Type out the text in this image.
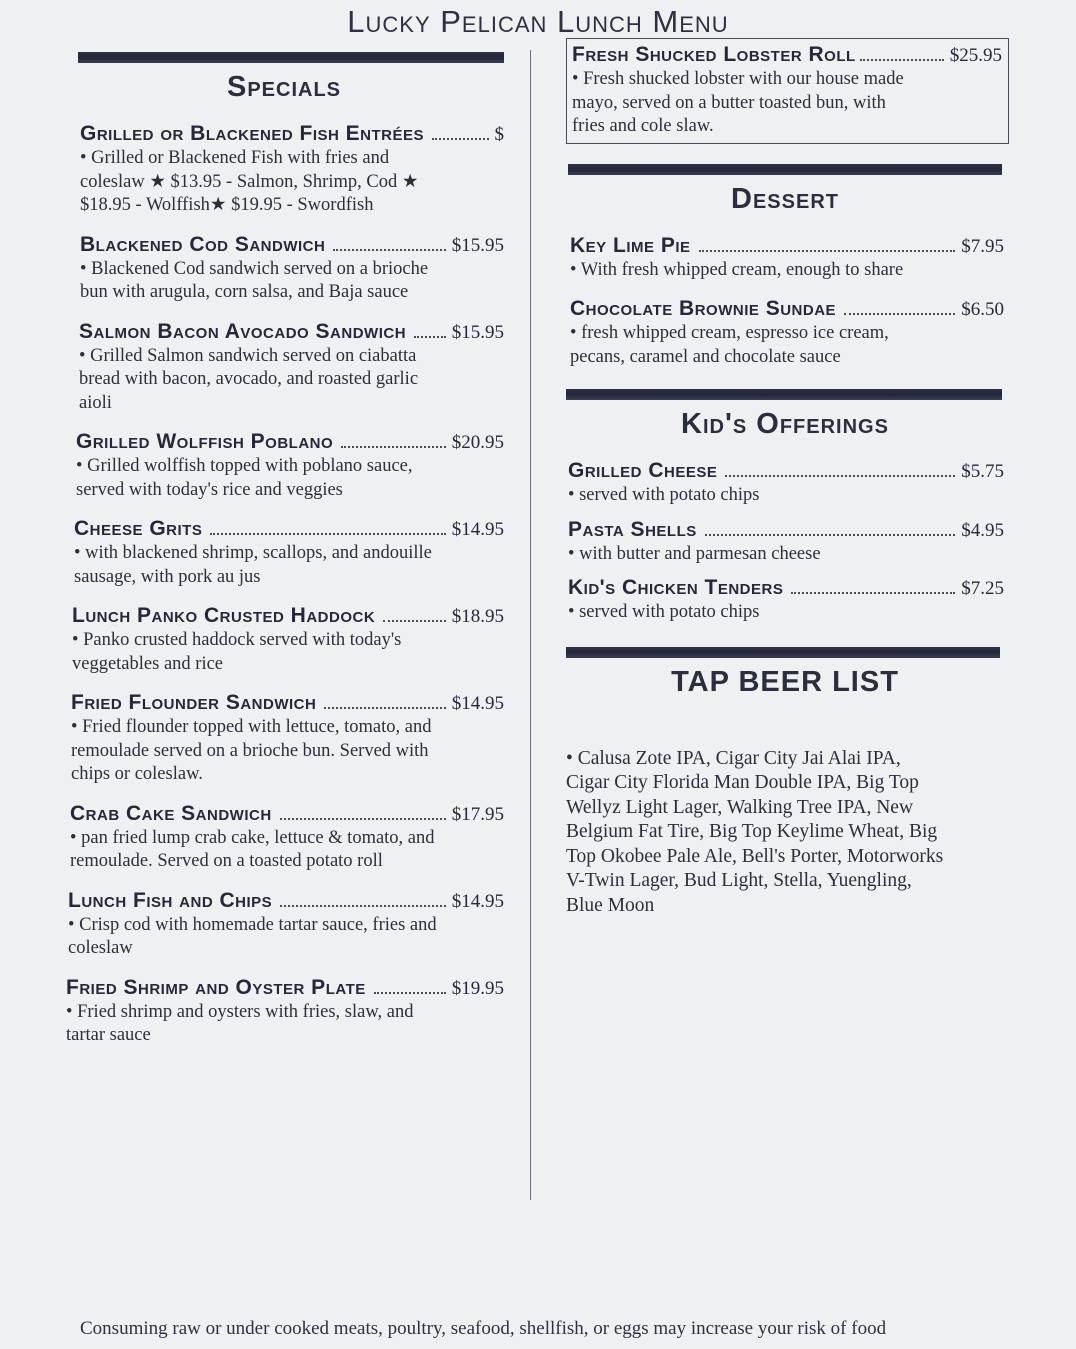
Lucky Pelican Lunch Menu
Specials
Grilled or Blackened Fish Entrées	$
• Grilled or Blackened Fish with fries and coleslaw ★ $13.95 - Salmon, Shrimp, Cod ★ $18.95 - Wolffish★ $19.95 - Swordfish
Blackened Cod Sandwich	$15.95
• Blackened Cod sandwich served on a brioche bun with arugula, corn salsa, and Baja sauce
Salmon Bacon Avocado Sandwich $15.95
• Grilled Salmon sandwich served on ciabatta bread with bacon, avocado, and roasted garlic aioli
Grilled Wolffish Poblano	$20.95
• Grilled wolffish topped with poblano sauce, served with today's rice and veggies
Cheese Grits	$14.95
• with blackened shrimp, scallops, and andouille sausage, with pork au jus
Lunch Panko Crusted Haddock	$18.95
• Panko crusted haddock served with today's veggetables and rice
Fried Flounder Sandwich	$14.95
• Fried flounder topped with lettuce, tomato, and remoulade served on a brioche bun. Served with chips or coleslaw.
Crab Cake Sandwich	$17.95
• pan fried lump crab cake, lettuce & tomato, and remoulade. Served on a toasted potato roll
Lunch Fish and Chips	$14.95
• Crisp cod with homemade tartar sauce, fries and coleslaw
Fried Shrimp and Oyster Plate	$19.95
• Fried shrimp and oysters with fries, slaw, and tartar sauce
Fresh Shucked Lobster Roll	$25.95
• Fresh shucked lobster with our house made mayo, served on a butter toasted bun, with fries and cole slaw.
Dessert
Key Lime Pie	$7.95
• With fresh whipped cream, enough to share
Chocolate Brownie Sundae	$6.50
• fresh whipped cream, espresso ice cream, pecans, caramel and chocolate sauce
Kid's Offerings
Grilled Cheese	$5.75
• served with potato chips
Pasta Shells	$4.95
• with butter and parmesan cheese
Kid's Chicken Tenders	$7.25
• served with potato chips
TAP BEER LIST
• Calusa Zote IPA, Cigar City Jai Alai IPA, Cigar City Florida Man Double IPA, Big Top Wellyz Light Lager, Walking Tree IPA, New Belgium Fat Tire, Big Top Keylime Wheat, Big Top Okobee Pale Ale, Bell's Porter, Motorworks V-Twin Lager, Bud Light, Stella, Yuengling, Blue Moon
Consuming raw or under cooked meats, poultry, seafood, shellfish, or eggs may increase your risk of food
